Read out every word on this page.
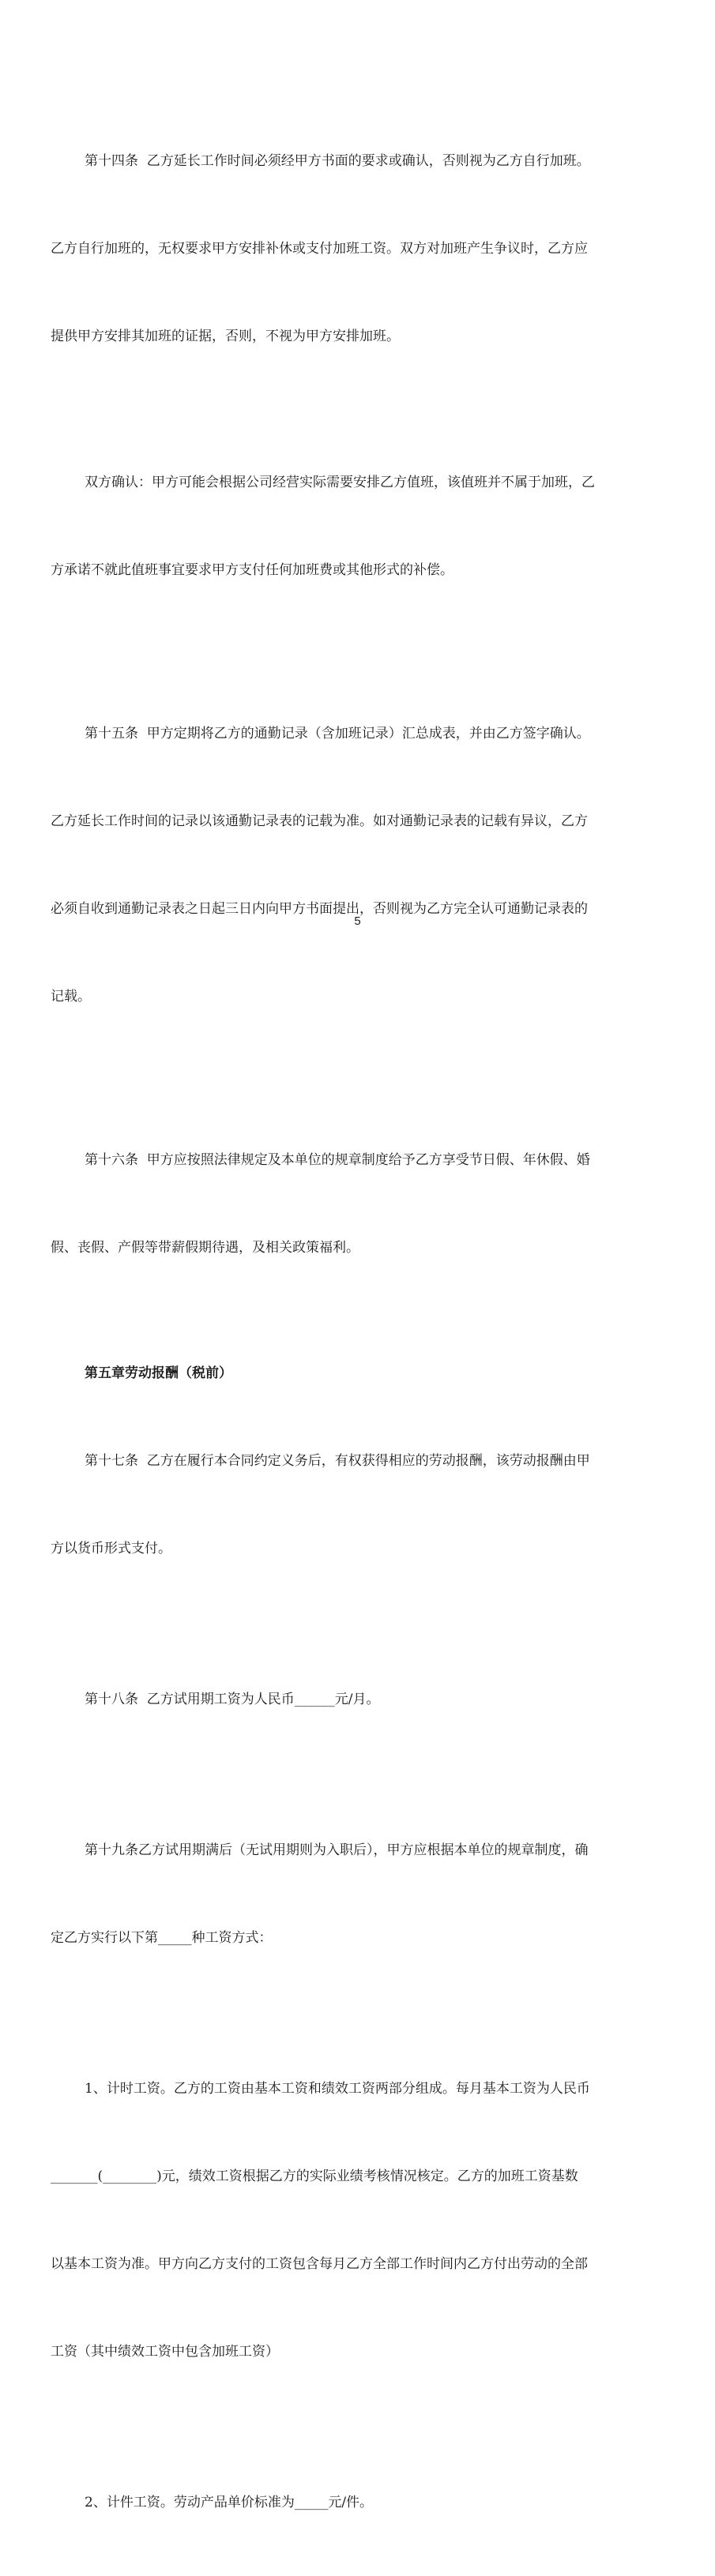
第十四条  乙方延长工作时间必须经甲方书面的要求或确认，否则视为乙方自行加班。

乙方自行加班的，无权要求甲方安排补休或支付加班工资。双方对加班产生争议时，乙方应

提供甲方安排其加班的证据，否则，不视为甲方安排加班。

双方确认：甲方可能会根据公司经营实际需要安排乙方值班，该值班并不属于加班，乙

方承诺不就此值班事宜要求甲方支付任何加班费或其他形式的补偿。

第十五条  甲方定期将乙方的通勤记录（含加班记录）汇总成表，并由乙方签字确认。

乙方延长工作时间的记录以该通勤记录表的记载为准。如对通勤记录表的记载有异议，乙方

必须自收到通勤记录表之日起三日内向甲方书面提出，否则视为乙方完全认可通勤记录表的

记载。

第十六条  甲方应按照法律规定及本单位的规章制度给予乙方享受节日假、年休假、婚

假、丧假、产假等带薪假期待遇，及相关政策福利。

第五章劳动报酬（税前）

第十七条  乙方在履行本合同约定义务后，有权获得相应的劳动报酬，该劳动报酬由甲

方以货币形式支付。

第十八条  乙方试用期工资为人民币______元/月。

第十九条乙方试用期满后（无试用期则为入职后），甲方应根据本单位的规章制度，确

定乙方实行以下第_____种工资方式：

1、计时工资。乙方的工资由基本工资和绩效工资两部分组成。每月基本工资为人民币

_______(________)元，绩效工资根据乙方的实际业绩考核情况核定。乙方的加班工资基数

以基本工资为准。甲方向乙方支付的工资包含每月乙方全部工作时间内乙方付出劳动的全部

工资（其中绩效工资中包含加班工资）

2、计件工资。劳动产品单价标准为_____元/件。

5
